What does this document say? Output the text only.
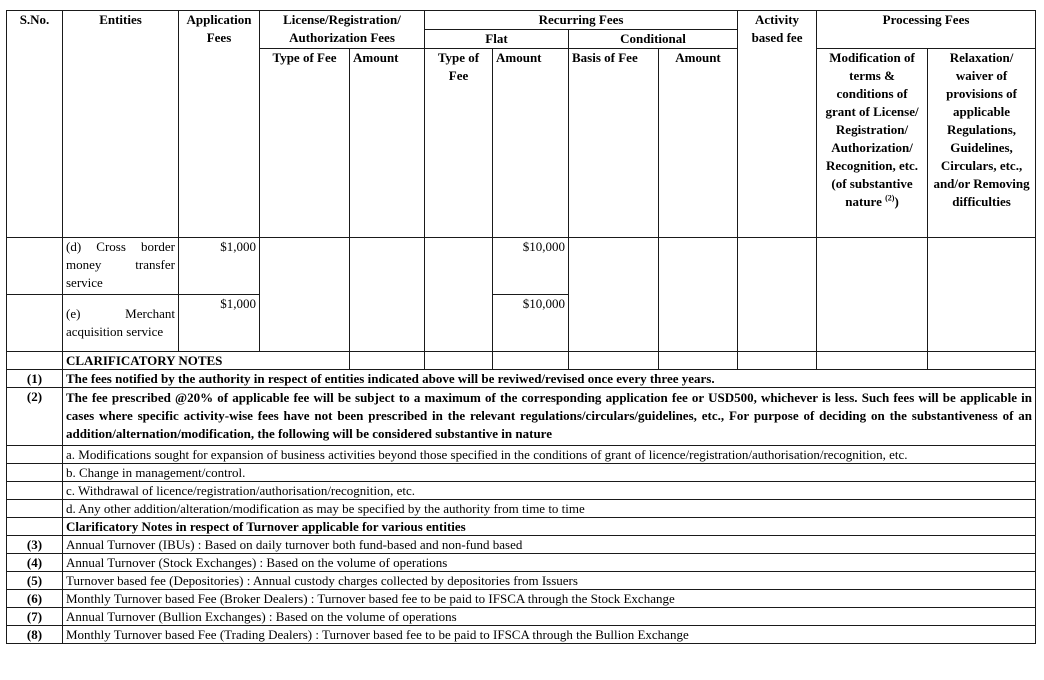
S.No.	Entities	Application Fees	License/Registration/ Authorization Fees		Recurring Fees				Activity based fee	Processing Fees	
					Flat		Conditional				
			Type of Fee	Amount	Type of Fee	Amount	Basis of Fee	Amount		Modification of terms & conditions of grant of License/ Registration/ Authorization/ Recognition, etc. (of substantive nature $^{(2)}$)	Relaxation/ waiver of provisions of applicable Regulations, Guidelines, Circulars, etc., and/or Removing difficulties
	(d) Cross border money transfer service	$1,000				$10,000					
	(e) Merchant acquisition service	$1,000				$10,000					
	CLARIFICATORY NOTES										
(1)	The fees notified by the authority in respect of entities indicated above will be reviwed/revised once every three years.										
(2)	The fee prescribed @20% of applicable fee will be subject to a maximum of the corresponding application fee or USD500, whichever is less. Such fees will be applicable in cases where specific activity-wise fees have not been prescribed in the relevant regulations/circulars/guidelines, etc., For purpose of deciding on the substantiveness of an addition/alternation/modification, the following will be considered substantive in nature										
	a. Modifications sought for expansion of business activities beyond those specified in the conditions of grant of licence/registration/authorisation/recognition, etc.										
	b. Change in management/control.										
	c. Withdrawal of licence/registration/authorisation/recognition, etc.										
	d. Any other addition/alteration/modification as may be specified by the authority from time to time										
	Clarificatory Notes in respect of Turnover applicable for various entities										
(3)	Annual Turnover (IBUs) : Based on daily turnover both fund-based and non-fund based										
(4)	Annual Turnover (Stock Exchanges) : Based on the volume of operations										
(5)	Turnover based fee (Depositories) : Annual custody charges collected by depositories from Issuers										
(6)	Monthly Turnover based Fee (Broker Dealers) : Turnover based fee to be paid to IFSCA through the Stock Exchange										
(7)	Annual Turnover (Bullion Exchanges) : Based on the volume of operations										
(8)	Monthly Turnover based Fee (Trading Dealers) : Turnover based fee to be paid to IFSCA through the Bullion Exchange										
